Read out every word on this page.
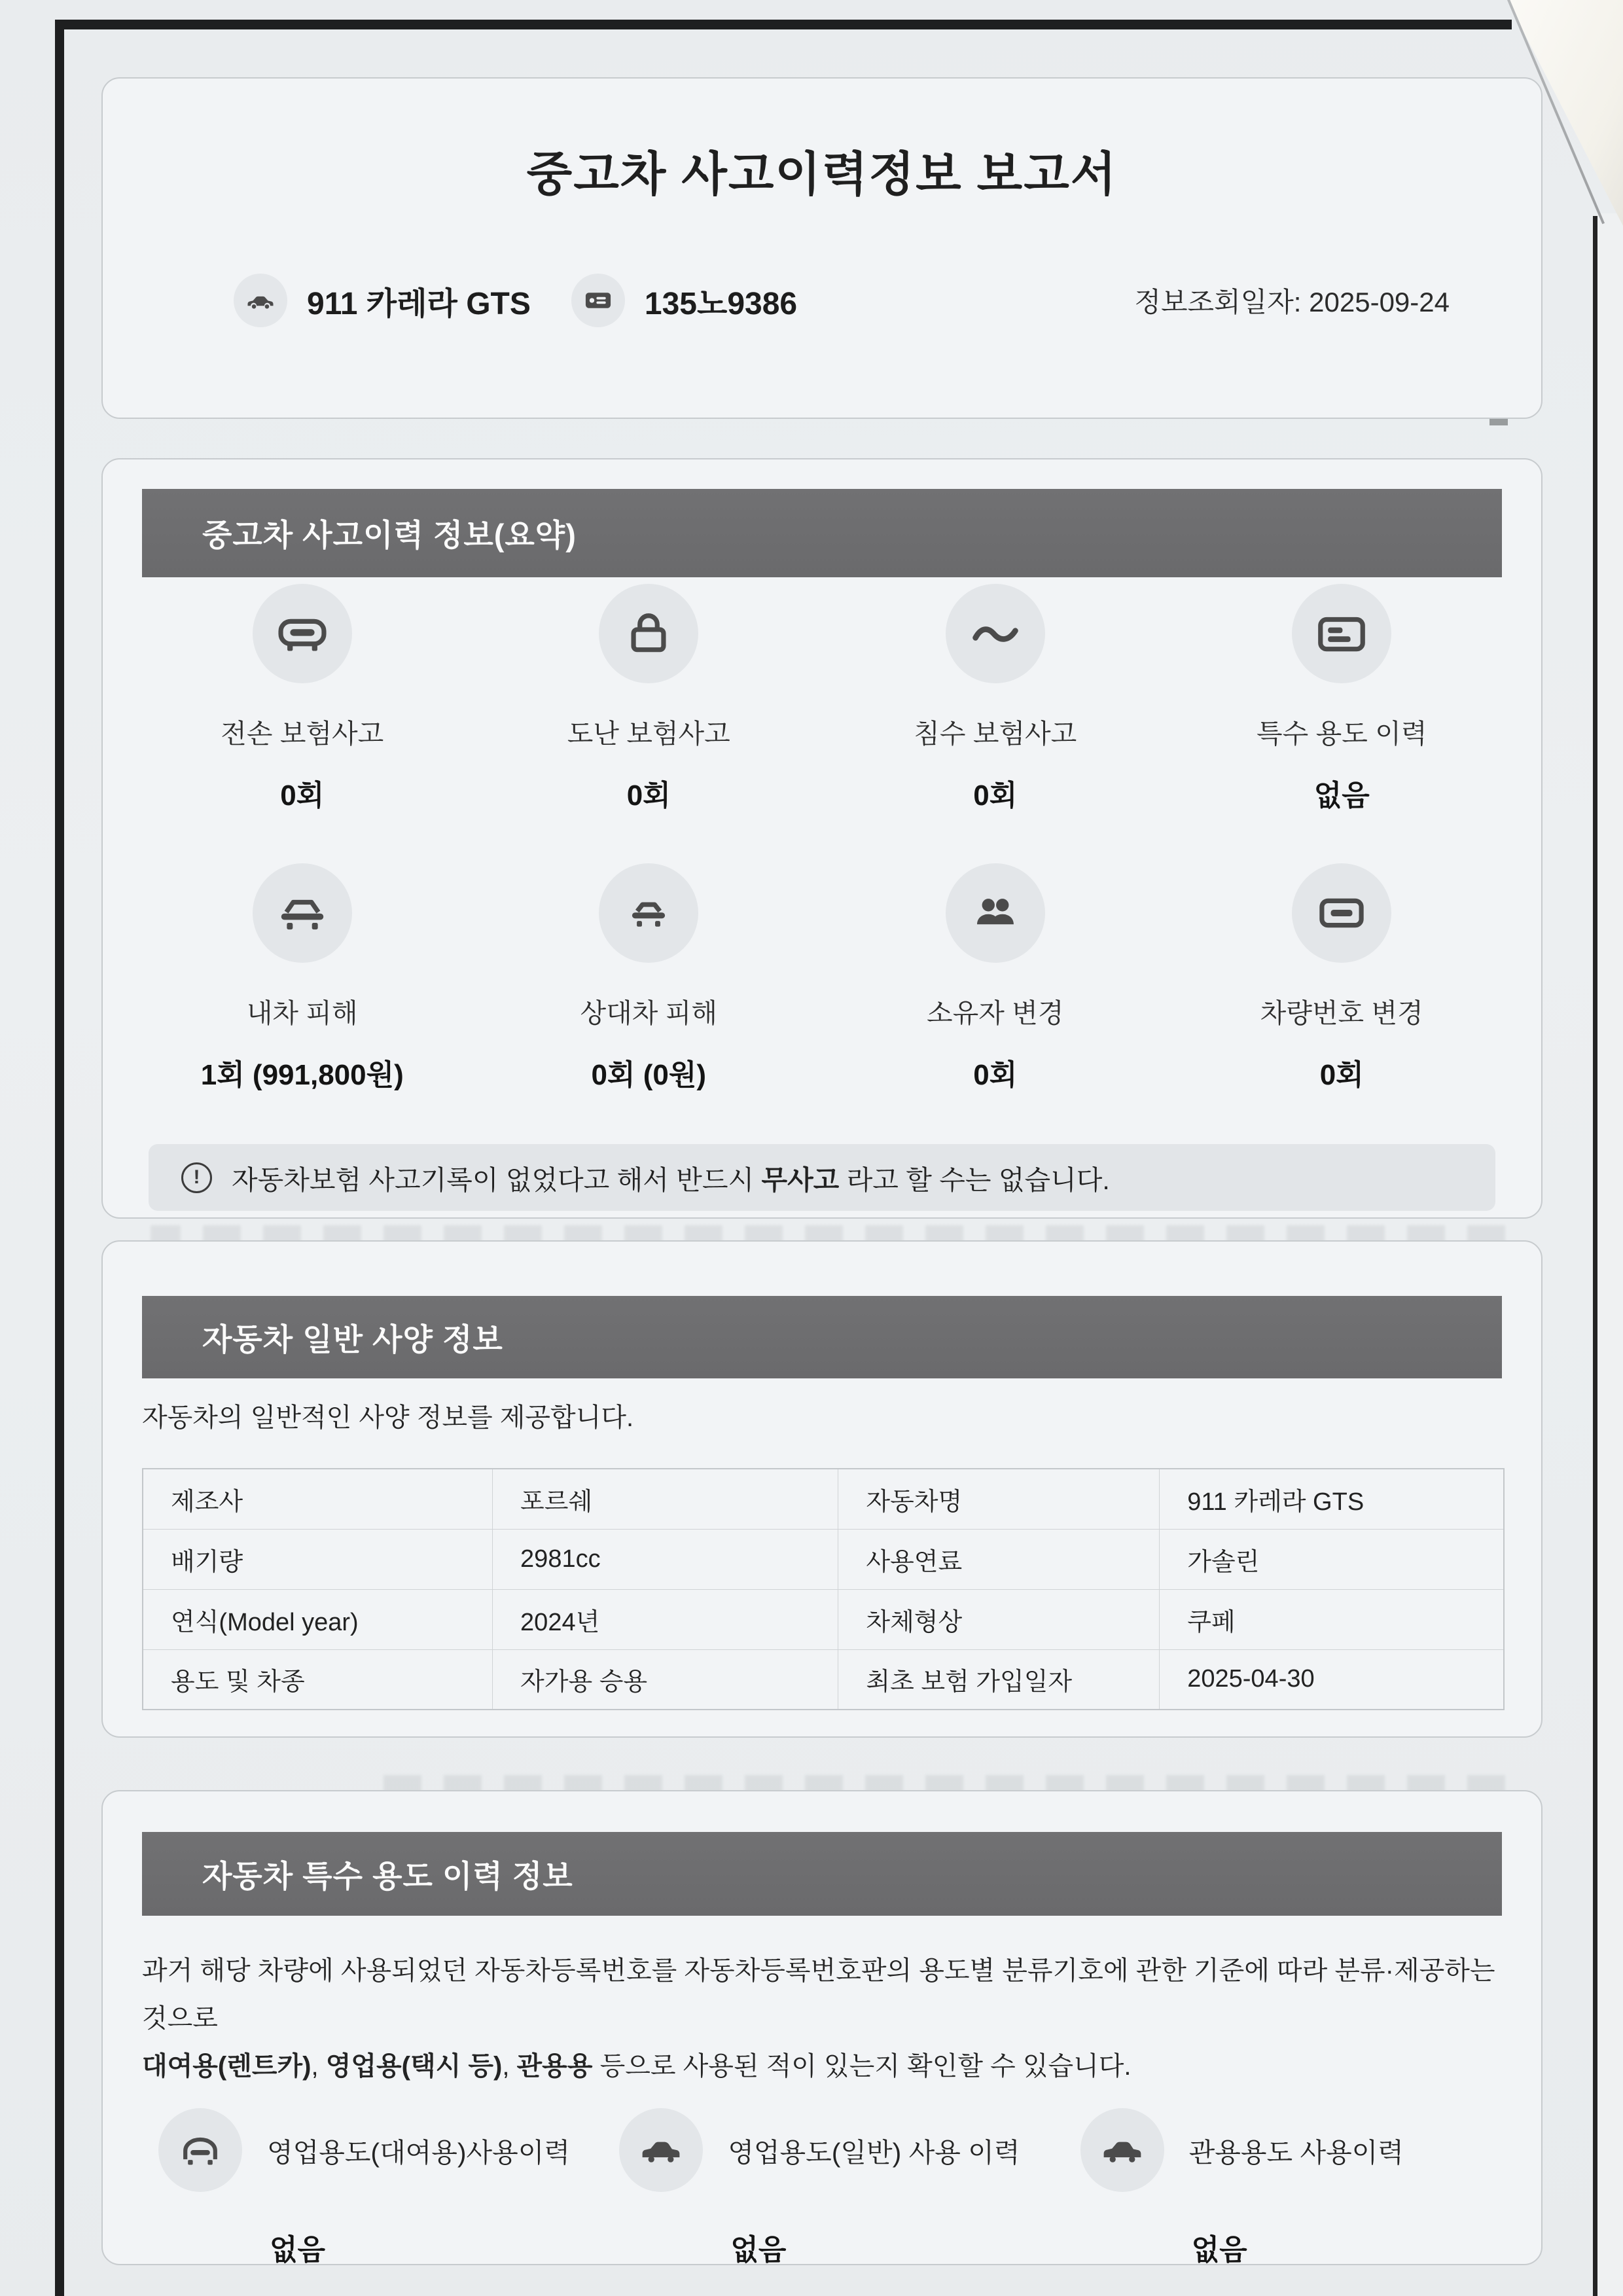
중고차 사고이력정보 보고서
911 카레라 GTS	135노9386	정보조회일자: 2025-09-24
중고차 사고이력 정보(요약)
전손 보험사고
0회
도난 보험사고
0회
침수 보험사고
0회
특수 용도 이력
없음
내차 피해
1회 (991,800원)
상대차 피해
0회 (0원)
소유자 변경
0회
차량번호 변경
0회
!	자동차보험 사고기록이 없었다고 해서 반드시 무사고 라고 할 수는 없습니다.

자동차 일반 사양 정보

자동차의 일반적인 사양 정보를 제공합니다.

제조사	포르쉐	자동차명	911 카레라 GTS
배기량	2981cc	사용연료	가솔린
연식(Model year)	2024년	차체형상	쿠페
용도 및 차종	자가용 승용	최초 보험 가입일자	2025-04-30
자동차 특수 용도 이력 정보

과거 해당 차량에 사용되었던 자동차등록번호를 자동차등록번호판의 용도별 분류기호에 관한 기준에 따라 분류·제공하는 것으로
대여용(렌트카), 영업용(택시 등), 관용용 등으로 사용된 적이 있는지 확인할 수 있습니다.

영업용도(대여용)사용이력
없음
영업용도(일반) 사용 이력
없음
관용용도 사용이력
없음
